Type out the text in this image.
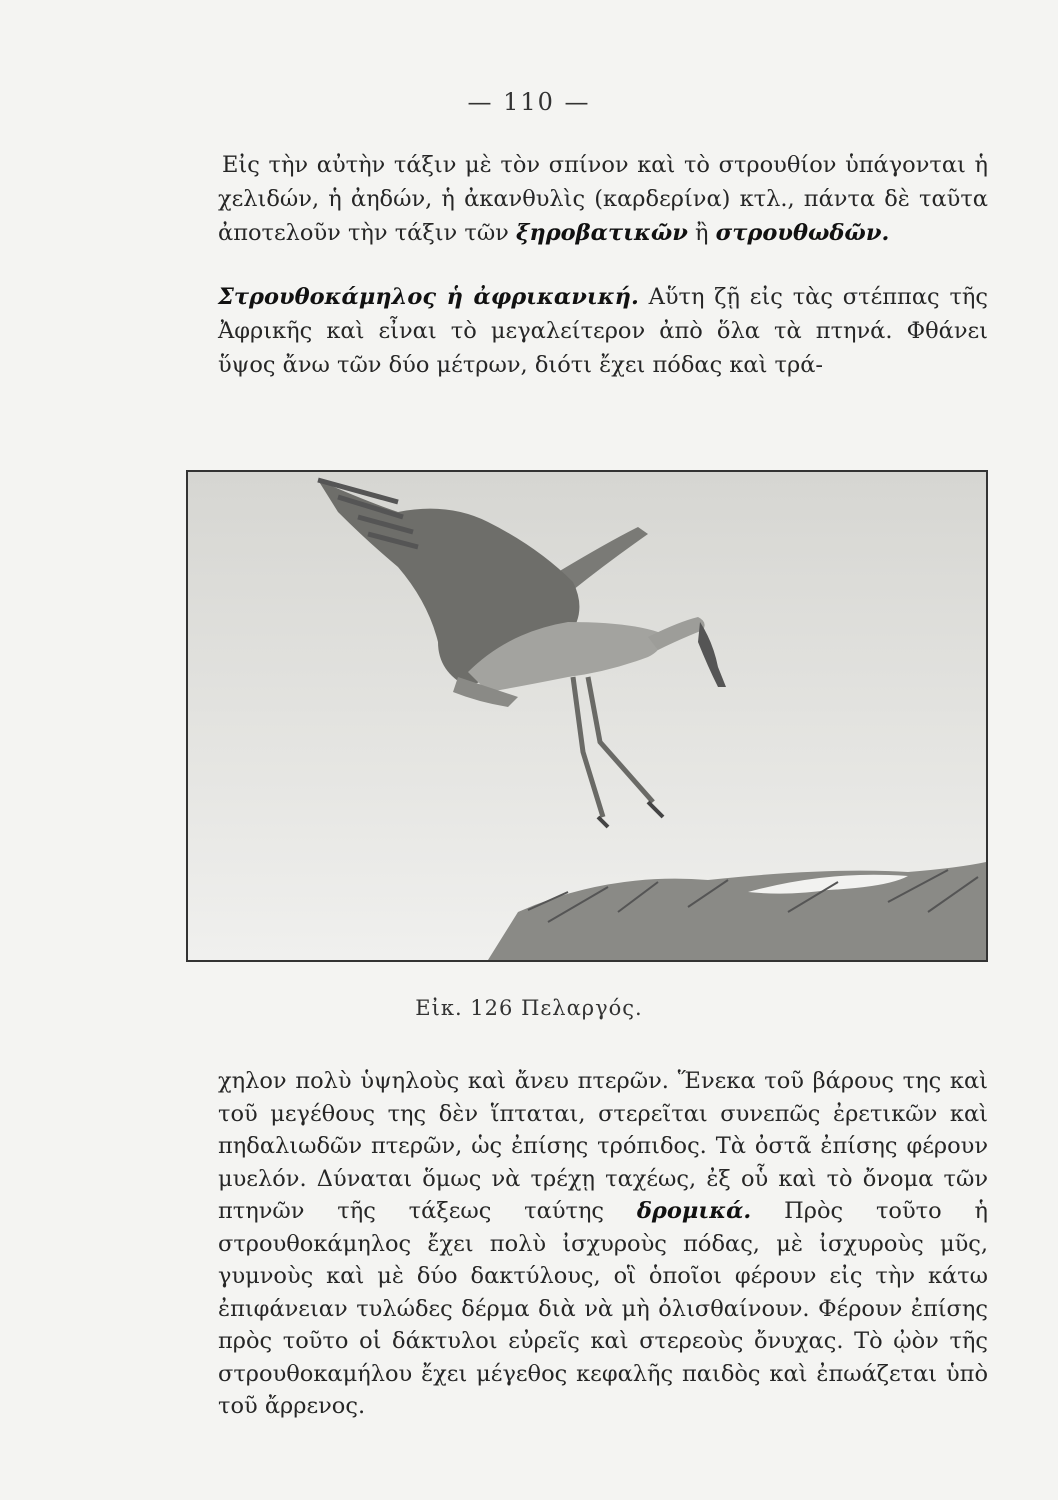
— 110 —

Εἰς τὴν αὐτὴν τάξιν μὲ τὸν σπίνον καὶ τὸ στρουθίον ὑπάγονται ἡ χελιδών, ἡ ἀηδών, ἡ ἀκανθυλὶς (καρδερίνα) κτλ., πάντα δὲ ταῦτα ἀποτελοῦν τὴν τάξιν τῶν ξηροβατικῶν ἢ στρουθωδῶν.

Στρουθοκάμηλος ἡ ἀφρικανική. Αὕτη ζῇ εἰς τὰς στέππας τῆς Ἀφρικῆς καὶ εἶναι τὸ μεγαλείτερον ἀπὸ ὅλα τὰ πτηνά. Φθάνει ὕψος ἄνω τῶν δύο μέτρων, διότι ἔχει πόδας καὶ τρά-

Εἰκ. 126 Πελαργός.

χηλον πολὺ ὑψηλοὺς καὶ ἄνευ πτερῶν. Ἕνεκα τοῦ βάρους της καὶ τοῦ μεγέθους της δὲν ἵπταται, στερεῖται συνεπῶς ἐρετικῶν καὶ πηδαλιωδῶν πτερῶν, ὡς ἐπίσης τρόπιδος. Τὰ ὀστᾶ ἐπίσης φέρουν μυελόν. Δύναται ὅμως νὰ τρέχῃ ταχέως, ἐξ οὗ καὶ τὸ ὄνομα τῶν πτηνῶν τῆς τάξεως ταύτης δρομικά. Πρὸς τοῦτο ἡ στρουθοκάμηλος ἔχει πολὺ ἰσχυροὺς πόδας, μὲ ἰσχυροὺς μῦς, γυμνοὺς καὶ μὲ δύο δακτύλους, οἳ ὁποῖοι φέρουν εἰς τὴν κάτω ἐπιφάνειαν τυλώδες δέρμα διὰ νὰ μὴ ὀλισθαίνουν. Φέρουν ἐπίσης πρὸς τοῦτο οἱ δάκτυλοι εὐρεῖς καὶ στερεοὺς ὄνυχας. Τὸ ᾠὸν τῆς στρουθοκαμήλου ἔχει μέγεθος κεφαλῆς παιδὸς καὶ ἐπωάζεται ὑπὸ τοῦ ἄρρενος.
